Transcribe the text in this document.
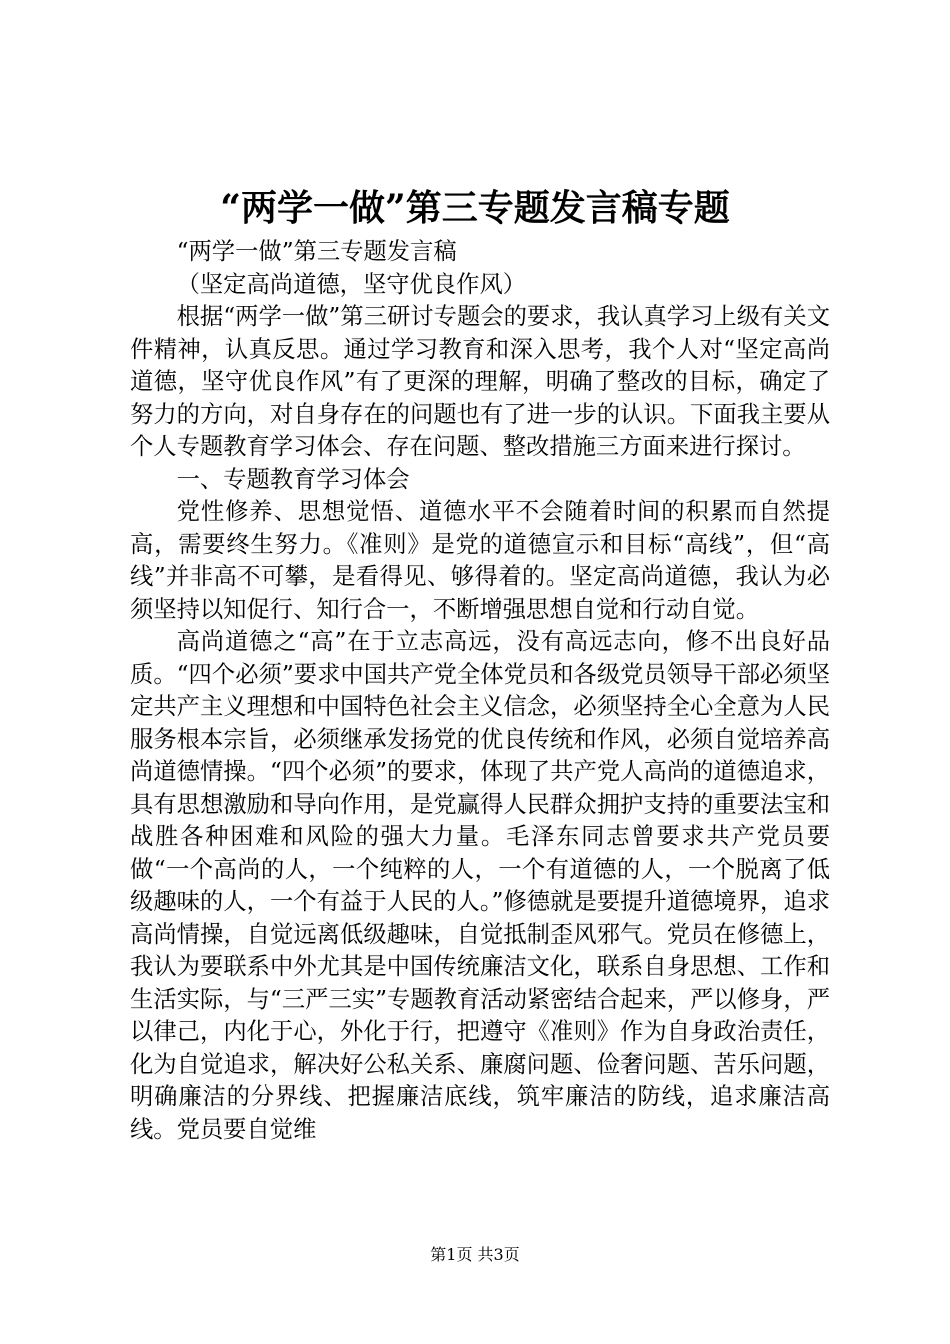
“两学一做”第三专题发言稿专题

“两学一做”第三专题发言稿

（坚定高尚道德，坚守优良作风）

根据“两学一做”第三研讨专题会的要求，我认真学习上级有关文件精神，认真反思。通过学习教育和深入思考，我个人对“坚定高尚道德，坚守优良作风”有了更深的理解，明确了整改的目标，确定了努力的方向，对自身存在的问题也有了进一步的认识。下面我主要从个人专题教育学习体会、存在问题、整改措施三方面来进行探讨。

一、专题教育学习体会

党性修养、思想觉悟、道德水平不会随着时间的积累而自然提高，需要终生努力。《准则》是党的道德宣示和目标“高线”，但“高线”并非高不可攀，是看得见、够得着的。坚定高尚道德，我认为必须坚持以知促行、知行合一，不断增强思想自觉和行动自觉。

高尚道德之“高”在于立志高远，没有高远志向，修不出良好品质。“四个必须”要求中国共产党全体党员和各级党员领导干部必须坚定共产主义理想和中国特色社会主义信念，必须坚持全心全意为人民服务根本宗旨，必须继承发扬党的优良传统和作风，必须自觉培养高尚道德情操。“四个必须”的要求，体现了共产党人高尚的道德追求，具有思想激励和导向作用，是党赢得人民群众拥护支持的重要法宝和战胜各种困难和风险的强大力量。毛泽东同志曾要求共产党员要做“一个高尚的人，一个纯粹的人，一个有道德的人，一个脱离了低级趣味的人，一个有益于人民的人。”修德就是要提升道德境界，追求高尚情操，自觉远离低级趣味，自觉抵制歪风邪气。党员在修德上，我认为要联系中外尤其是中国传统廉洁文化，联系自身思想、工作和生活实际，与“三严三实”专题教育活动紧密结合起来，严以修身，严以律己，内化于心，外化于行，把遵守《准则》作为自身政治责任，化为自觉追求，解决好公私关系、廉腐问题、俭奢问题、苦乐问题，明确廉洁的分界线、把握廉洁底线，筑牢廉洁的防线，追求廉洁高线。党员要自觉维

第1页 共3页
